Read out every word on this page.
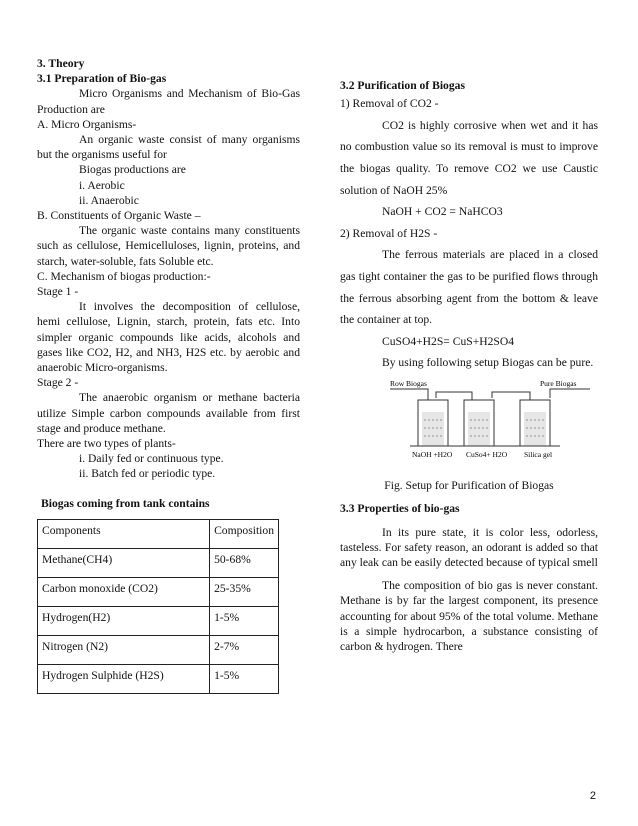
3. Theory

3.1 Preparation of Bio-gas

Micro Organisms and Mechanism of Bio-Gas Production are

A. Micro Organisms-

An organic waste consist of many organisms but the organisms useful for

Biogas productions are

i. Aerobic

ii. Anaerobic

B. Constituents of Organic Waste –

The organic waste contains many constituents such as cellulose, Hemicelluloses, lignin, proteins, and starch, water-soluble, fats Soluble etc.

C. Mechanism of biogas production:-

Stage 1 -

It involves the decomposition of cellulose, hemi cellulose, Lignin, starch, protein, fats etc. Into simpler organic compounds like acids, alcohols and gases like CO2, H2, and NH3, H2S etc. by aerobic and anaerobic Micro-organisms.

Stage 2 -

The anaerobic organism or methane bacteria utilize Simple carbon compounds available from first stage and produce methane.

There are two types of plants-

i. Daily fed or continuous type.

ii. Batch fed or periodic type.

Biogas coming from tank contains

Components	Composition
Methane(CH4)	50-68%
Carbon monoxide (CO2)	25-35%
Hydrogen(H2)	1-5%
Nitrogen (N2)	2-7%
Hydrogen Sulphide (H2S)	1-5%

3.2 Purification of Biogas

1) Removal of CO2 -

CO2 is highly corrosive when wet and it has no combustion value so its removal is must to improve the biogas quality. To remove CO2 we use Caustic solution of NaOH 25%

NaOH + CO2 = NaHCO3

2) Removal of H2S -

The ferrous materials are placed in a closed gas tight container the gas to be purified flows through the ferrous absorbing agent from the bottom & leave the container at top.

CuSO4+H2S= CuS+H2SO4

By using following setup Biogas can be pure.

Row Biogas	Pure Biogas
NaOH +H2O CuSo4+ H2O Silica gel

Fig. Setup for Purification of Biogas

3.3 Properties of bio-gas

In its pure state, it is color less, odorless, tasteless. For safety reason, an odorant is added so that any leak can be easily detected because of typical smell

The composition of bio gas is never constant. Methane is by far the largest component, its presence accounting for about 95% of the total volume. Methane is a simple hydrocarbon, a substance consisting of carbon & hydrogen. There

2
